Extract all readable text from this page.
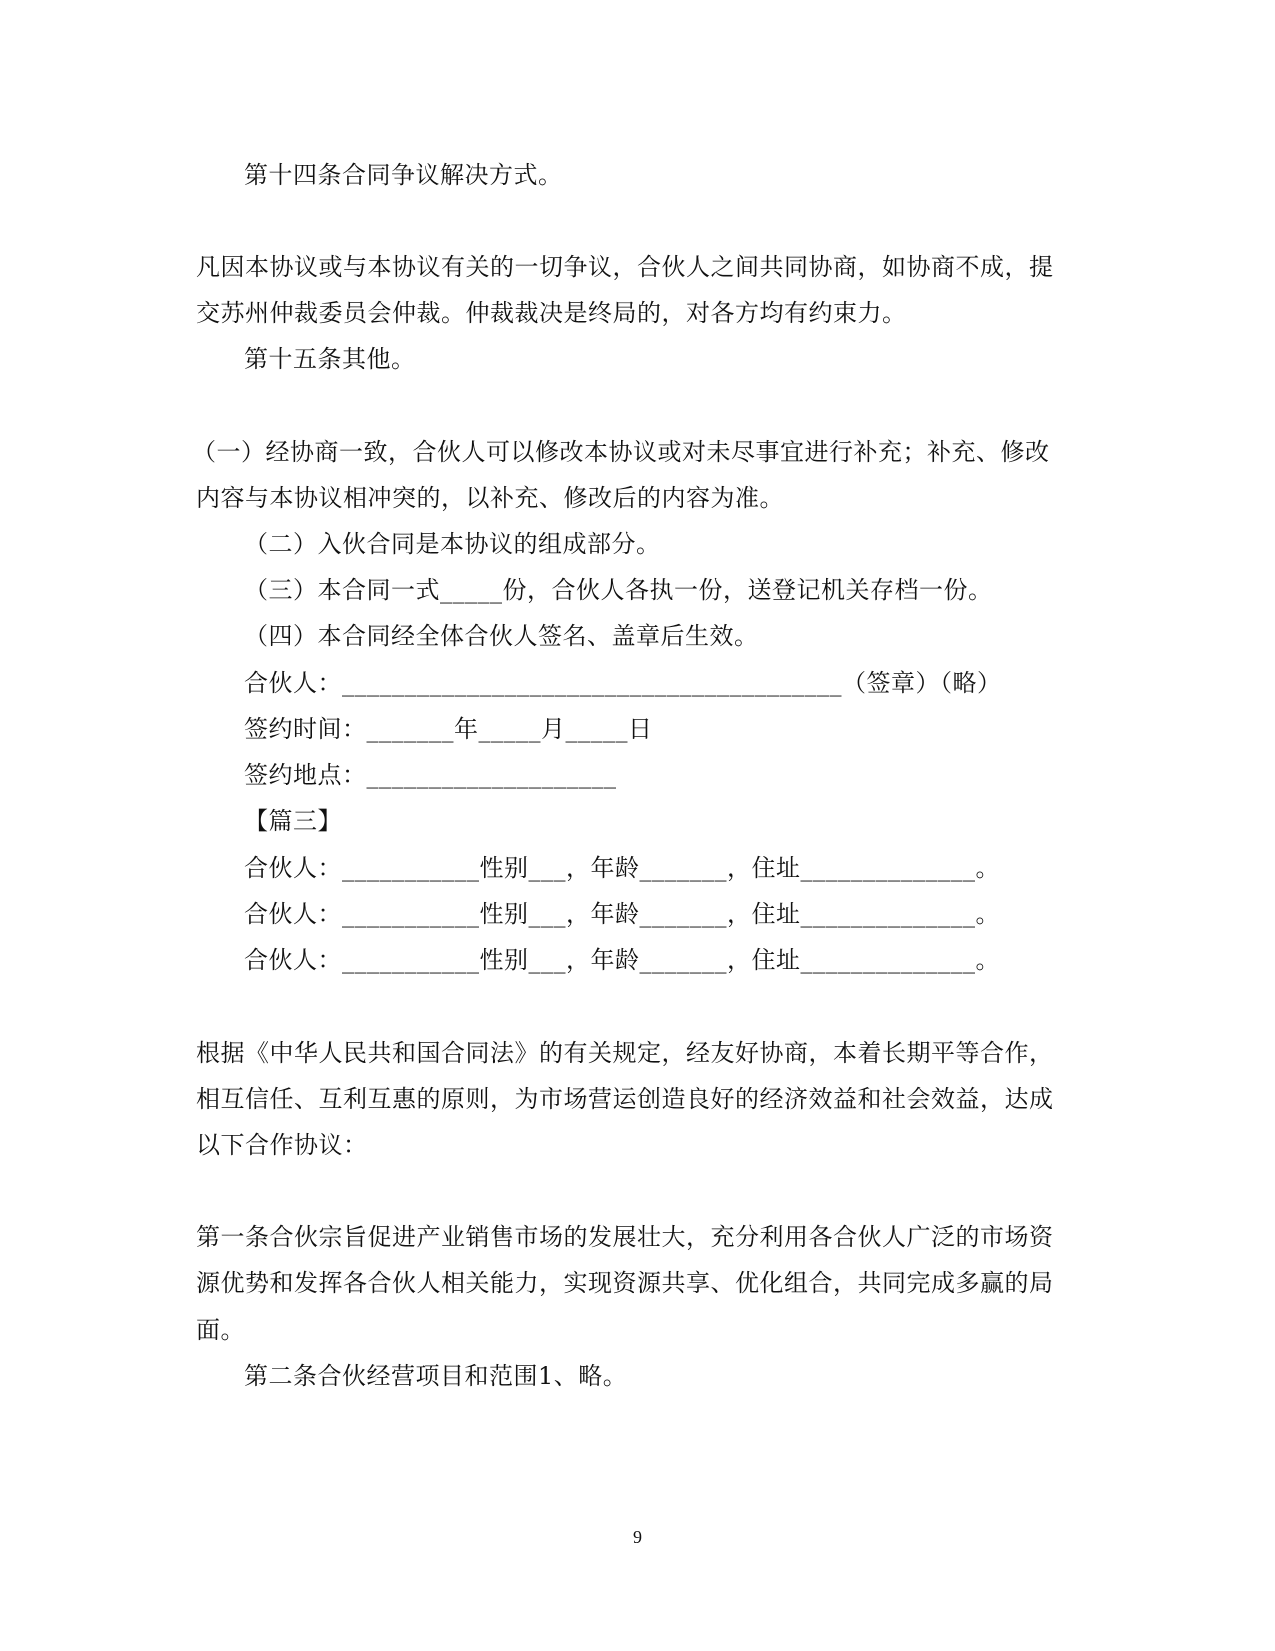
第十四条合同争议解决方式。
凡因本协议或与本协议有关的一切争议，合伙人之间共同协商，如协商不成，提
交苏州仲裁委员会仲裁。仲裁裁决是终局的，对各方均有约束力。
第十五条其他。
（一）经协商一致，合伙人可以修改本协议或对未尽事宜进行补充；补充、修改
内容与本协议相冲突的，以补充、修改后的内容为准。
（二）入伙合同是本协议的组成部分。
（三）本合同一式_____份，合伙人各执一份，送登记机关存档一份。
（四）本合同经全体合伙人签名、盖章后生效。
合伙人：________________________________________（签章）（略）
签约时间：_______年_____月_____日
签约地点：____________________
【篇三】
合伙人：___________性别___，年龄_______，住址______________。
合伙人：___________性别___，年龄_______，住址______________。
合伙人：___________性别___，年龄_______，住址______________。
根据《中华人民共和国合同法》的有关规定，经友好协商，本着长期平等合作，
相互信任、互利互惠的原则，为市场营运创造良好的经济效益和社会效益，达成
以下合作协议：
第一条合伙宗旨促进产业销售市场的发展壮大，充分利用各合伙人广泛的市场资
源优势和发挥各合伙人相关能力，实现资源共享、优化组合，共同完成多赢的局
面。
第二条合伙经营项目和范围1、略。
9
